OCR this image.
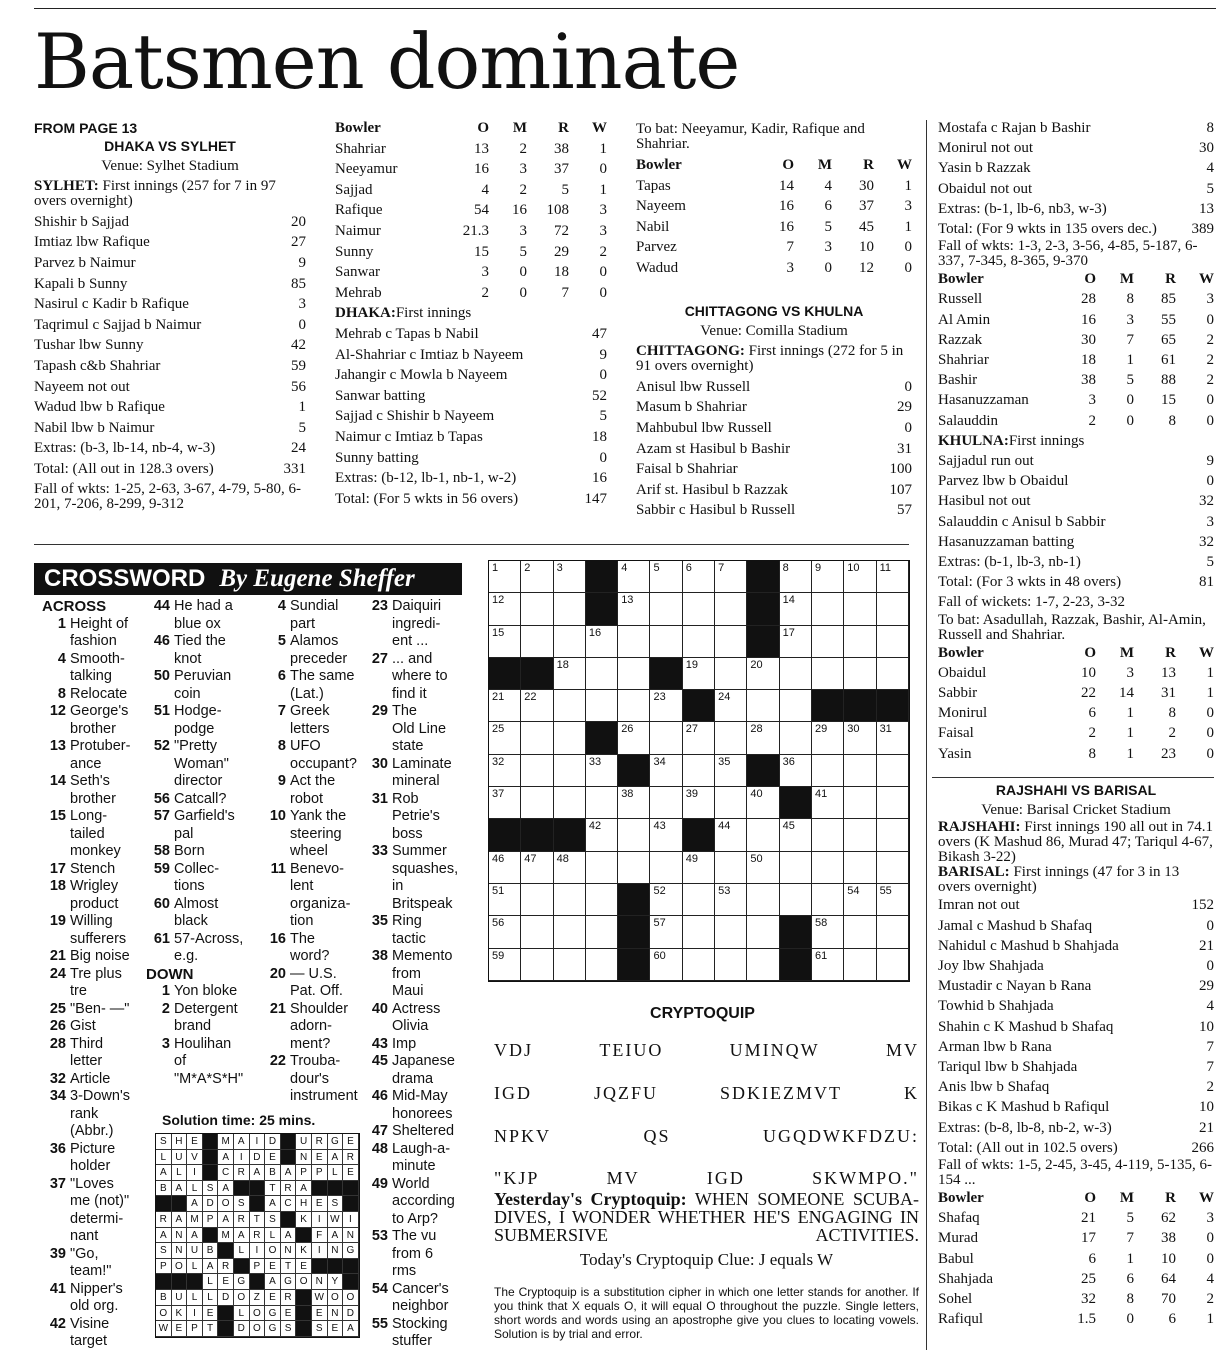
Batsmen dominate
FROM PAGE 13
DHAKA VS SYLHET
Venue: Sylhet Stadium
SYLHET: First innings (257 for 7 in 97 overs overnight)
Shishir b Sajjad	20
Imtiaz lbw Rafique	27
Parvez b Naimur	9
Kapali b Sunny	85
Nasirul c Kadir b Rafique	3
Taqrimul c Sajjad b Naimur	0
Tushar lbw Sunny	42
Tapash c&b Shahriar	59
Nayeem not out	56
Wadud lbw b Rafique	1
Nabil lbw b Naimur	5
Extras: (b-3, lb-14, nb-4, w-3)	24
Total: (All out in 128.3 overs)	331
Fall of wkts: 1-25, 2-63, 3-67, 4-79, 5-80, 6-201, 7-206, 8-299, 9-312
Bowler	O	M	R	W
Shahriar	13	2	38	1
Neeyamur	16	3	37	0
Sajjad	4	2	5	1
Rafique	54	16	108	3
Naimur	21.3	3	72	3
Sunny	15	5	29	2
Sanwar	3	0	18	0
Mehrab	2	0	7	0
DHAKA:First innings
Mehrab c Tapas b Nabil	47
Al-Shahriar c Imtiaz b Nayeem	9
Jahangir c Mowla b Nayeem	0
Sanwar batting	52
Sajjad c Shishir b Nayeem	5
Naimur c Imtiaz b Tapas	18
Sunny batting	0
Extras: (b-12, lb-1, nb-1, w-2)	16
Total: (For 5 wkts in 56 overs)	147
To bat: Neeyamur, Kadir, Rafique and Shahriar.
Bowler	O	M	R	W
Tapas	14	4	30	1
Nayeem	16	6	37	3
Nabil	16	5	45	1
Parvez	7	3	10	0
Wadud	3	0	12	0
CHITTAGONG VS KHULNA
Venue: Comilla Stadium
CHITTAGONG: First innings (272 for 5 in 91 overs overnight)
Anisul lbw Russell	0
Masum b Shahriar	29
Mahbubul lbw Russell	0
Azam st Hasibul b Bashir	31
Faisal b Shahriar	100
Arif st. Hasibul b Razzak	107
Sabbir c Hasibul b Russell	57
Mostafa c Rajan b Bashir	8
Monirul not out	30
Yasin b Razzak	4
Obaidul not out	5
Extras: (b-1, lb-6, nb3, w-3)	13
Total: (For 9 wkts in 135 overs dec.) 389
Fall of wkts: 1-3, 2-3, 3-56, 4-85, 5-187, 6-337, 7-345, 8-365, 9-370
Bowler	O	M	R	W
Russell	28	8	85	3
Al Amin	16	3	55	0
Razzak	30	7	65	2
Shahriar	18	1	61	2
Bashir	38	5	88	2
Hasanuzzaman	3	0	15	0
Salauddin	2	0	8	0
KHULNA:First innings
Sajjadul run out	9
Parvez lbw b Obaidul	0
Hasibul not out	32
Salauddin c Anisul b Sabbir	3
Hasanuzzaman batting	32
Extras: (b-1, lb-3, nb-1)	5
Total: (For 3 wkts in 48 overs)	81
Fall of wickets: 1-7, 2-23, 3-32
To bat: Asadullah, Razzak, Bashir, Al-Amin, Russell and Shahriar.
Bowler	O	M	R	W
Obaidul	10	3	13	1
Sabbir	22	14	31	1
Monirul	6	1	8	0
Faisal	2	1	2	0
Yasin	8	1	23	0
RAJSHAHI VS BARISAL
Venue: Barisal Cricket Stadium
RAJSHAHI: First innings 190 all out in 74.1 overs (K Mashud 86, Murad 47; Tariqul 4-67, Bikash 3-22)
BARISAL: First innings (47 for 3 in 13 overs overnight)
Imran not out	152
Jamal c Mashud b Shafaq	0
Nahidul c Mashud b Shahjada	21
Joy lbw Shahjada	0
Mustadir c Nayan b Rana	29
Towhid b Shahjada	4
Shahin c K Mashud b Shafaq	10
Arman lbw b Rana	7
Tariqul lbw b Shahjada	7
Anis lbw b Shafaq	2
Bikas c K Mashud b Rafiqul	10
Extras: (b-8, lb-8, nb-2, w-3)	21
Total: (All out in 102.5 overs)	266
Fall of wkts: 1-5, 2-45, 3-45, 4-119, 5-135, 6-154 ...
Bowler	O	M	R	W
Shafaq	21	5	62	3
Murad	17	7	38	0
Babul	6	1	10	0
Shahjada	25	6	64	4
Sohel	32	8	70	2
Rafiqul	1.5	0	6	1
CROSSWORD By Eugene Sheffer
ACROSS
1 Height of
fashion
4 Smooth-
talking
8 Relocate
12 George's
brother
13 Protuber-
ance
14 Seth's
brother
15 Long-
tailed
monkey
17 Stench
18 Wrigley
product
19 Willing
sufferers
21 Big noise
24 Tre plus
tre
25 "Ben- —"
26 Gist
28 Third
letter
32 Article
34 3-Down's
rank
(Abbr.)
36 Picture
holder
37 "Loves
me (not)"
determi-
nant
39 "Go,
team!"
41 Nipper's
old org.
42 Visine
target
44 He had a
blue ox
46 Tied the
knot
50 Peruvian
coin
51 Hodge-
podge
52 "Pretty
Woman"
director
56 Catcall?
57 Garfield's
pal
58 Born
59 Collec-
tions
60 Almost
black
61 57-Across,
e.g.
DOWN
1 Yon bloke
2 Detergent
brand
3 Houlihan
of
"M*A*S*H"
4 Sundial
part
5 Alamos
preceder
6 The same
(Lat.)
7 Greek
letters
8 UFO
occupant?
9 Act the
robot
10 Yank the
steering
wheel
11 Benevo-
lent
organiza-
tion
16 The
word?
20 — U.S.
Pat. Off.
21 Shoulder
adorn-
ment?
22 Trouba-
dour's
instrument
23 Daiquiri
ingredi-
ent ...
27 ... and
where to
find it
29 The
Old Line
state
30 Laminate
mineral
31 Rob
Petrie's
boss
33 Summer
squashes,
in
Britspeak
35 Ring
tactic
38 Memento
from
Maui
40 Actress
Olivia
43 Imp
45 Japanese
drama
46 Mid-May
honorees
47 Sheltered
48 Laugh-a-
minute
49 World
according
to Arp?
53 The vu
from 6
rms
54 Cancer's
neighbor
55 Stocking
stuffer
Solution time: 25 mins.
S H E	M A	I	D	U R G E
L U V	A	I	D E	N E A R
A L	I	C R A B A P P L E
B A L S A	T R A
A D O S	A C H E S
R A M P A R T S	K	I W I
A N A	M A R L A	F A N
S N U B	L	I	O N K	I	N G
P O L A R	P E T E
L E G	A G O N Y
B U L	L D O Z E R	W O O
O K	I	E	L O G E	E N D
W E P T	D O G S	S E A
1	2	3	4	5	6	7	8	9	10	11
12	13	14
15	16	17
18	19	20
21	22	23	24
25	26	27	28	29	30	31
32	33	34	35	36
37	38	39	40	41
42	43	44	45
46	47	48	49	50
51	52	53	54	55
56	57	58
59	60	61
CRYPTOQUIP
VDJ	TEIUO	UMINQW	MV
IGD	JQZFU	SDKIEZMVT	K
NPKV	QS	UGQDWKFDZU:
"KJP	MV	IGD	SKWMPO."
Yesterday's Cryptoquip: WHEN SOMEONE SCUBA-DIVES, I WONDER WHETHER HE'S ENGAGING IN SUBMERSIVE ACTIVITIES.
Today's Cryptoquip Clue: J equals W
The Cryptoquip is a substitution cipher in which one letter stands for another. If you think that X equals O, it will equal O throughout the puzzle. Single letters, short words and words using an apostrophe give you clues to locating vowels. Solution is by trial and error.
